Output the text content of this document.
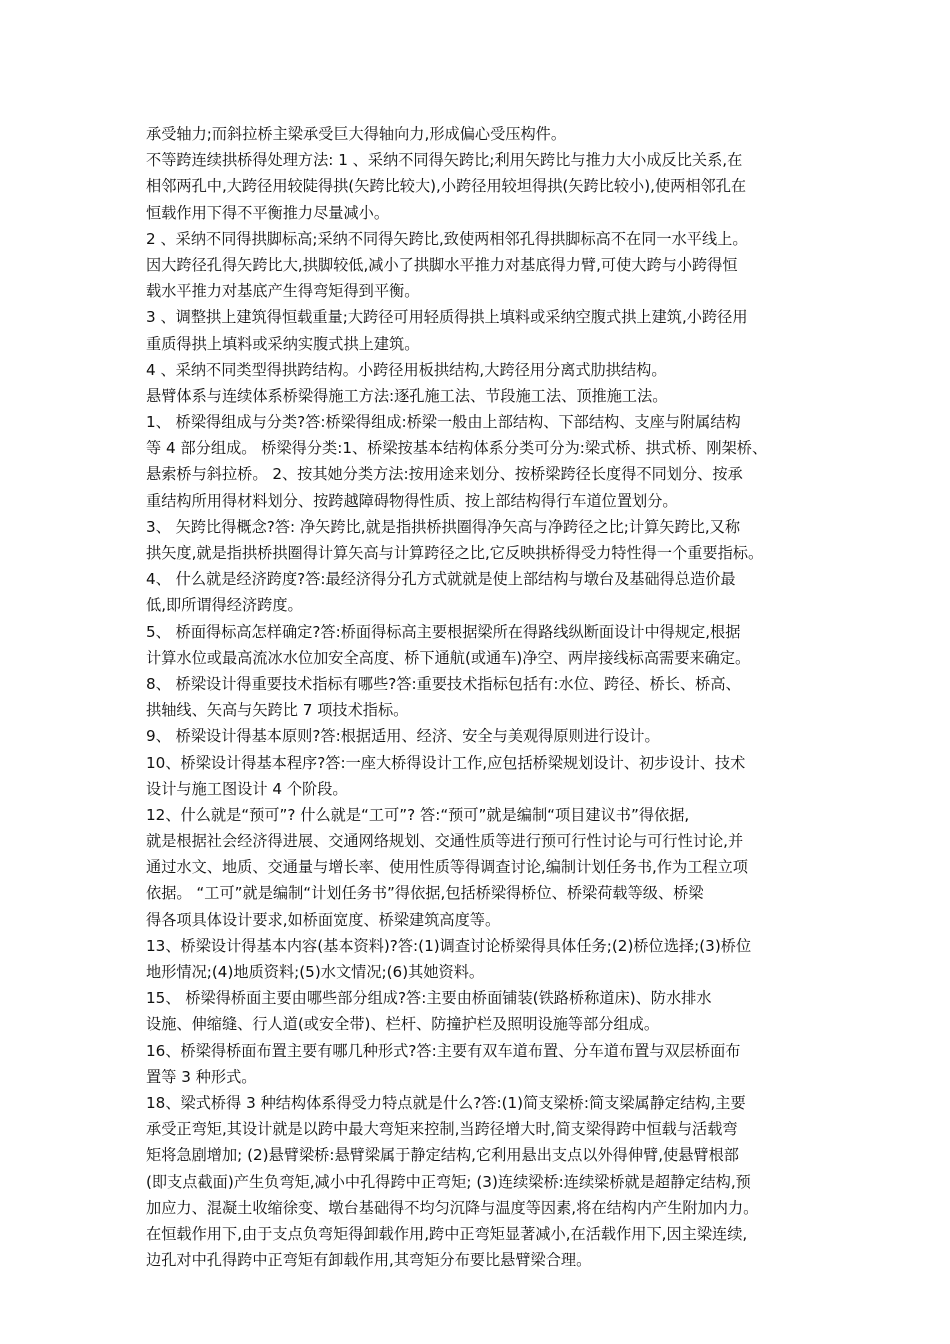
承受轴力;而斜拉桥主梁承受巨大得轴向力,形成偏心受压构件。
不等跨连续拱桥得处理方法: 1 、采纳不同得矢跨比;利用矢跨比与推力大小成反比关系,在
相邻两孔中,大跨径用较陡得拱(矢跨比较大),小跨径用较坦得拱(矢跨比较小),使两相邻孔在
恒载作用下得不平衡推力尽量减小。
2 、采纳不同得拱脚标高;采纳不同得矢跨比,致使两相邻孔得拱脚标高不在同一水平线上。
因大跨径孔得矢跨比大,拱脚较低,减小了拱脚水平推力对基底得力臂,可使大跨与小跨得恒
载水平推力对基底产生得弯矩得到平衡。
3 、调整拱上建筑得恒载重量;大跨径可用轻质得拱上填料或采纳空腹式拱上建筑,小跨径用
重质得拱上填料或采纳实腹式拱上建筑。
4 、采纳不同类型得拱跨结构。小跨径用板拱结构,大跨径用分离式肋拱结构。
悬臂体系与连续体系桥梁得施工方法:逐孔施工法、节段施工法、顶推施工法。
1、 桥梁得组成与分类?答:桥梁得组成:桥梁一般由上部结构、下部结构、支座与附属结构
等 4 部分组成。 桥梁得分类:1、桥梁按基本结构体系分类可分为:梁式桥、拱式桥、刚架桥、
悬索桥与斜拉桥。 2、按其她分类方法:按用途来划分、按桥梁跨径长度得不同划分、按承
重结构所用得材料划分、按跨越障碍物得性质、按上部结构得行车道位置划分。
3、 矢跨比得概念?答: 净矢跨比,就是指拱桥拱圈得净矢高与净跨径之比;计算矢跨比,又称
拱矢度,就是指拱桥拱圈得计算矢高与计算跨径之比,它反映拱桥得受力特性得一个重要指标。
4、 什么就是经济跨度?答:最经济得分孔方式就就是使上部结构与墩台及基础得总造价最
低,即所谓得经济跨度。
5、 桥面得标高怎样确定?答:桥面得标高主要根据梁所在得路线纵断面设计中得规定,根据
计算水位或最高流冰水位加安全高度、桥下通航(或通车)净空、两岸接线标高需要来确定。
8、 桥梁设计得重要技术指标有哪些?答:重要技术指标包括有:水位、跨径、桥长、桥高、
拱轴线、矢高与矢跨比 7 项技术指标。
9、 桥梁设计得基本原则?答:根据适用、经济、安全与美观得原则进行设计。
10、桥梁设计得基本程序?答:一座大桥得设计工作,应包括桥梁规划设计、初步设计、技术
设计与施工图设计 4 个阶段。
12、什么就是“预可”? 什么就是“工可”? 答:“预可”就是编制“项目建议书”得依据,
就是根据社会经济得进展、交通网络规划、交通性质等进行预可行性讨论与可行性讨论,并
通过水文、地质、交通量与增长率、使用性质等得调查讨论,编制计划任务书,作为工程立项
依据。 “工可”就是编制“计划任务书”得依据,包括桥梁得桥位、桥梁荷载等级、桥梁
得各项具体设计要求,如桥面宽度、桥梁建筑高度等。
13、桥梁设计得基本内容(基本资料)?答:(1)调查讨论桥梁得具体任务;(2)桥位选择;(3)桥位
地形情况;(4)地质资料;(5)水文情况;(6)其她资料。
15、 桥梁得桥面主要由哪些部分组成?答:主要由桥面铺装(铁路桥称道床)、防水排水
设施、伸缩缝、行人道(或安全带)、栏杆、防撞护栏及照明设施等部分组成。
16、桥梁得桥面布置主要有哪几种形式?答:主要有双车道布置、分车道布置与双层桥面布
置等 3 种形式。
18、梁式桥得 3 种结构体系得受力特点就是什么?答:(1)简支梁桥:简支梁属静定结构,主要
承受正弯矩,其设计就是以跨中最大弯矩来控制,当跨径增大时,简支梁得跨中恒载与活载弯
矩将急剧增加; (2)悬臂梁桥:悬臂梁属于静定结构,它利用悬出支点以外得伸臂,使悬臂根部
(即支点截面)产生负弯矩,减小中孔得跨中正弯矩; (3)连续梁桥:连续梁桥就是超静定结构,预
加应力、混凝土收缩徐变、墩台基础得不均匀沉降与温度等因素,将在结构内产生附加内力。
在恒载作用下,由于支点负弯矩得卸载作用,跨中正弯矩显著减小,在活载作用下,因主梁连续,
边孔对中孔得跨中正弯矩有卸载作用,其弯矩分布要比悬臂梁合理。
